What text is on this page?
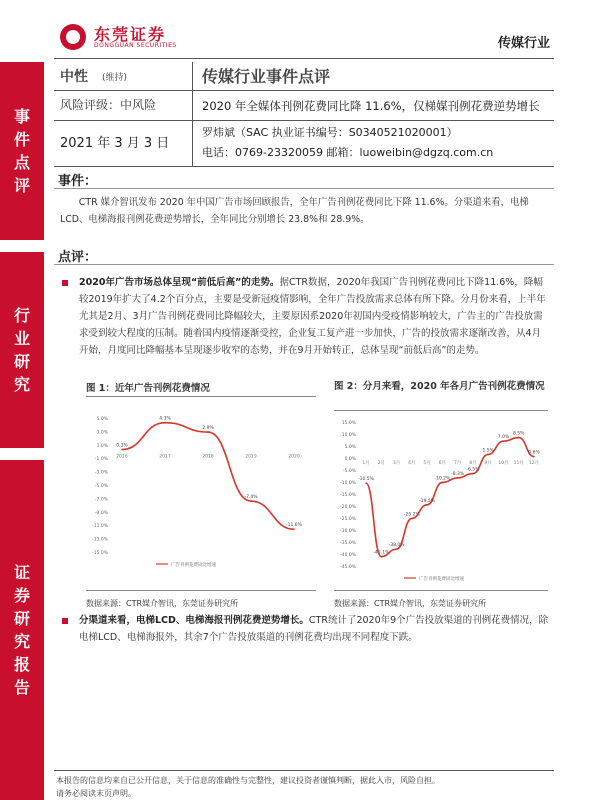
事件点评
行业研究
证券研究报告
东莞证券
DONGGUAN SECURITIES	传媒行业
中性 (维持)	传媒行业事件点评
风险评级：中风险	2020 年全媒体刊例花费同比降 11.6%，仅梯媒刊例花费逆势增长
2021 年 3 月 3 日
罗炜斌（SAC 执业证书编号：S0340521020001）
电话：0769-23320059 邮箱：luoweibin@dgzq.com.cn
事件：
CTR 媒介智讯发布 2020 年中国广告市场回顾报告，全年广告刊例花费同比下降 11.6%。分渠道来看，电梯 LCD、电梯海报刊例花费逆势增长，全年同比分别增长 23.8%和 28.9%。
点评：
2020年广告市场总体呈现“前低后高”的走势。据CTR数据，2020年我国广告刊例花费同比下降11.6%，降幅较2019年扩大了4.2个百分点，主要是受新冠疫情影响，全年广告投放需求总体有所下降。分月份来看，上半年尤其是2月、3月广告刊例花费同比降幅较大，主要原因系2020年初国内受疫情影响较大，广告主的广告投放需求受到较大程度的压制。随着国内疫情逐渐受控，企业复工复产进一步加快，广告的投放需求逐渐改善，从4月开始，月度同比降幅基本呈现逐步收窄的态势，并在9月开始转正，总体呈现“前低后高”的走势。
图 1：近年广告刊例花费情况
5.0%
3.0%
1.0%
-1.0%
-3.0%
-5.0%
-7.0%
-9.0%
-11.0%
-13.0%
-15.0%
0.3%
4.3%
2.9%
-7.4%
-11.6%
2016	2017	2018	2019	2020
广告刊例花费同比增速
数据来源：CTR媒介智讯，东莞证券研究所
图 2：分月来看，2020 年各月广告刊例花费情况
15.0%
10.0%
5.0%
0.0%
-5.0%
-10.0%
-15.0%
-20.0%
-25.0%
-30.0%
-35.0%
-40.0%
-45.0%
-10.5%
-41.1%
-38.0%
-25.2%
-19.5%
-10.2%
-8.3%
-6.5%
1.5%
7.0%
8.5%
0.6%
1月 2月 3月 4月 5月 6月 7月 8月 9月 10月 11月 12月
广告刊例花费同比增速
数据来源：CTR媒介智讯，东莞证券研究所
分渠道来看，电梯LCD、电梯海报刊例花费逆势增长。CTR统计了2020年9个广告投放渠道的刊例花费情况，除电梯LCD、电梯海报外，其余7个广告投放渠道的刊例花费均出现不同程度下跌。
本报告的信息均来自已公开信息，关于信息的准确性与完整性，建议投资者谨慎判断，据此入市，风险自担。
请务必阅读末页声明。
